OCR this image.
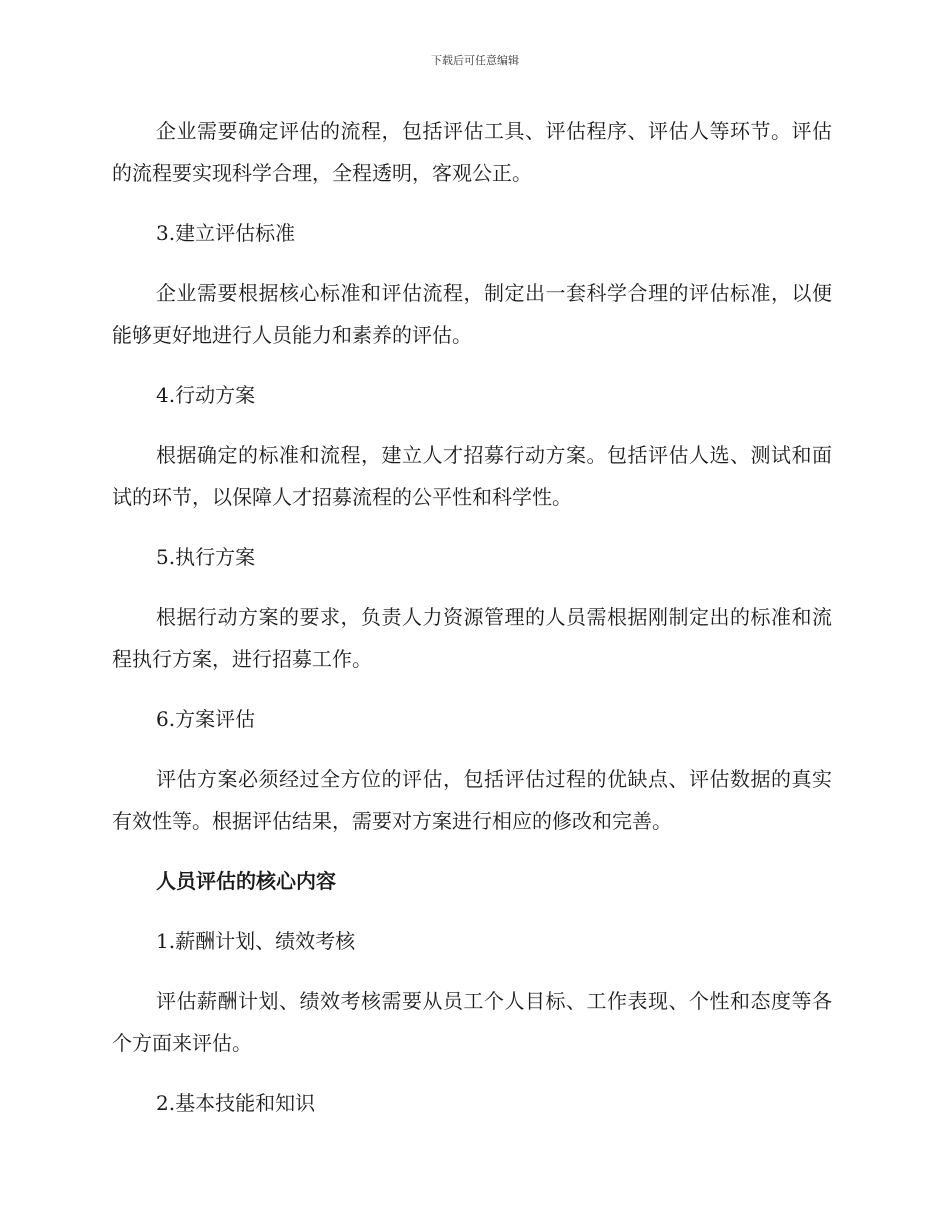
下载后可任意编辑

企业需要确定评估的流程，包括评估工具、评估程序、评估人等环节。评估的流程要实现科学合理，全程透明，客观公正。

3.建立评估标准

企业需要根据核心标准和评估流程，制定出一套科学合理的评估标准，以便能够更好地进行人员能力和素养的评估。

4.行动方案

根据确定的标准和流程，建立人才招募行动方案。包括评估人选、测试和面试的环节，以保障人才招募流程的公平性和科学性。

5.执行方案

根据行动方案的要求，负责人力资源管理的人员需根据刚制定出的标准和流程执行方案，进行招募工作。

6.方案评估

评估方案必须经过全方位的评估，包括评估过程的优缺点、评估数据的真实有效性等。根据评估结果，需要对方案进行相应的修改和完善。

人员评估的核心内容

1.薪酬计划、绩效考核

评估薪酬计划、绩效考核需要从员工个人目标、工作表现、个性和态度等各个方面来评估。

2.基本技能和知识
